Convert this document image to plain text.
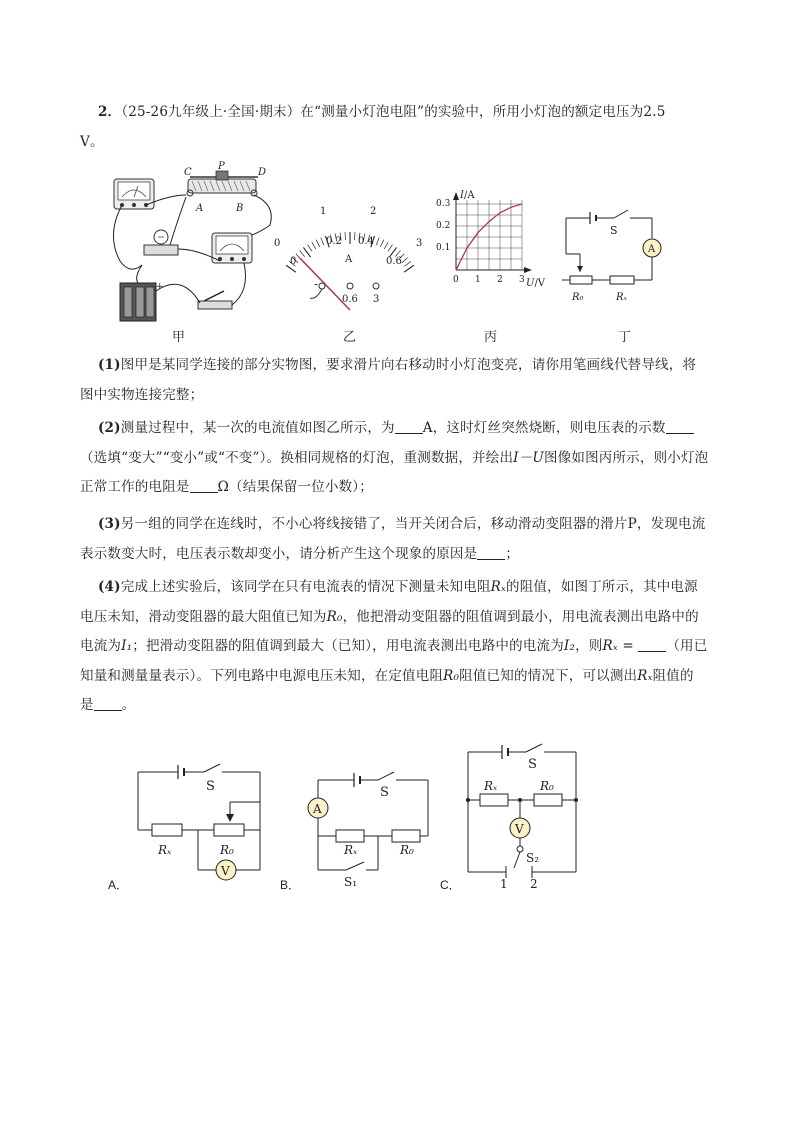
2．（25-26九年级上·全国·期末）在“测量小灯泡电阻”的实验中，所用小灯泡的额定电压为2.5
V。
C
P
D
A	B
+
甲
0
1	2
3
0
0.2 0.4
0.6
A
-
0.6 3
乙
I/A
U/V
0.1
0.2
0.3
0 1 2 3
丙
S
A
R₀	Rₓ
丁
(1)图甲是某同学连接的部分实物图，要求滑片向右移动时小灯泡变亮，请你用笔画线代替导线，将
图中实物连接完整；
(2)测量过程中，某一次的电流值如图乙所示，为 A，这时灯丝突然烧断，则电压表的示数
（选填“变大”“变小”或“不变”）。换相同规格的灯泡，重测数据，并绘出I－U图像如图丙所示，则小灯泡
正常工作的电阻是 Ω（结果保留一位小数）；
(3)另一组的同学在连线时，不小心将线接错了，当开关闭合后，移动滑动变阻器的滑片P，发现电流
表示数变大时，电压表示数却变小，请分析产生这个现象的原因是 ；
(4)完成上述实验后，该同学在只有电流表的情况下测量未知电阻Rₓ的阻值，如图丁所示，其中电源
电压未知，滑动变阻器的最大阻值已知为R₀，他把滑动变阻器的阻值调到最小，用电流表测出电路中的
电流为I₁；把滑动变阻器的阻值调到最大（已知），用电流表测出电路中的电流为I₂，则Rₓ = （用已
知量和测量量表示）。下列电路中电源电压未知，在定值电阻R₀阻值已知的情况下，可以测出Rₓ阻值的
是 。
A．
S
V
Rₓ	R₀
B．
S
A
Rₓ	R₀
S₁	C．
S
V
S₂
1 2
Rₓ	R₀
